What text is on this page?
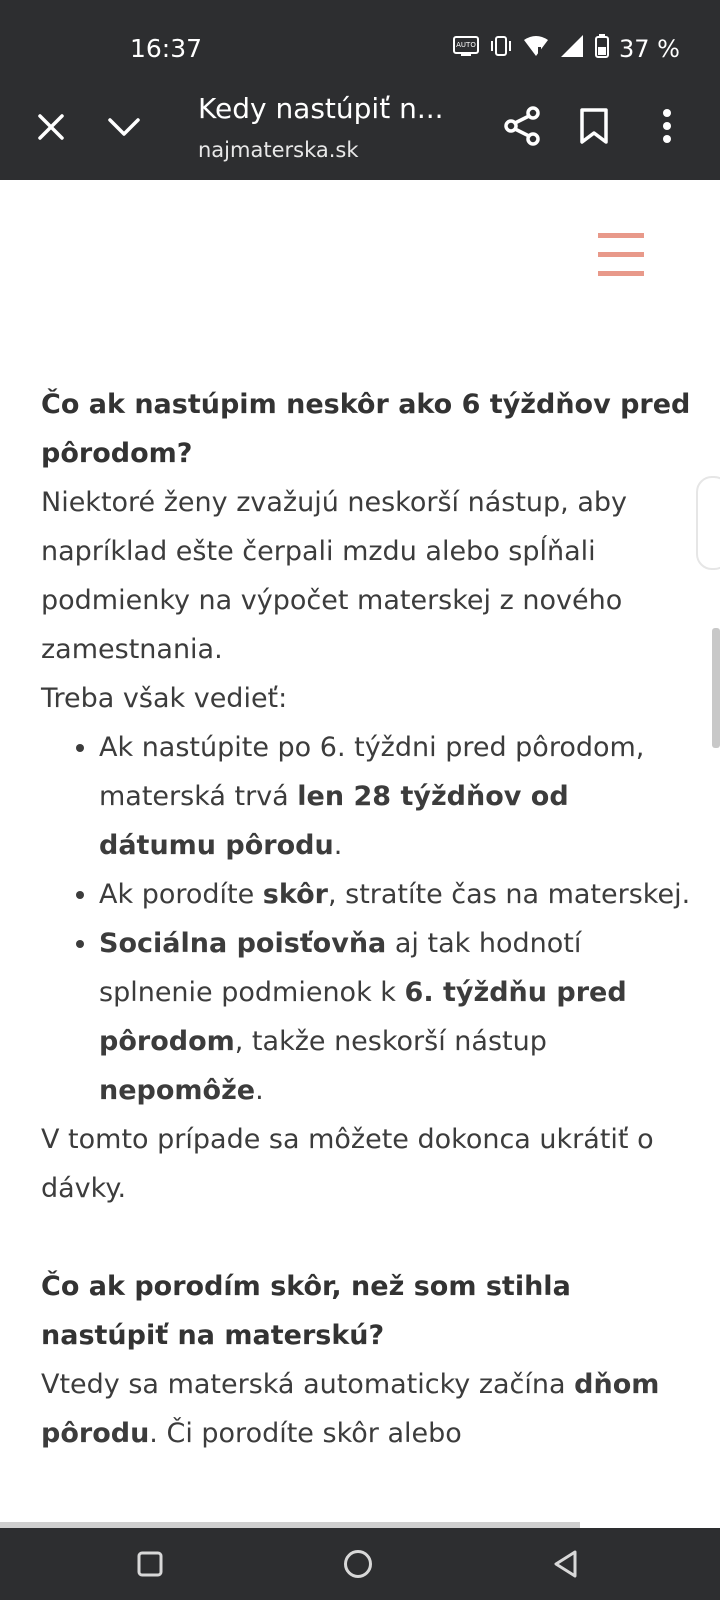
16:37	AUTO	37 %
Kedy nastúpiť n...
najmaterska.sk
Čo ak nastúpim neskôr ako 6 týždňov pred pôrodom?

Niektoré ženy zvažujú neskorší nástup, aby napríklad ešte čerpali mzdu alebo spĺňali podmienky na výpočet materskej z nového zamestnania.

Treba však vedieť:

• Ak nastúpite po 6. týždni pred pôrodom, materská trvá len 28 týždňov od dátumu pôrodu.
• Ak porodíte skôr, stratíte čas na materskej.
• Sociálna poisťovňa aj tak hodnotí splnenie podmienok k 6. týždňu pred pôrodom, takže neskorší nástup nepomôže.

V tomto prípade sa môžete dokonca ukrátiť o dávky.

Čo ak porodím skôr, než som stihla nastúpiť na materskú?

Vtedy sa materská automaticky začína dňom pôrodu. Či porodíte skôr alebo
